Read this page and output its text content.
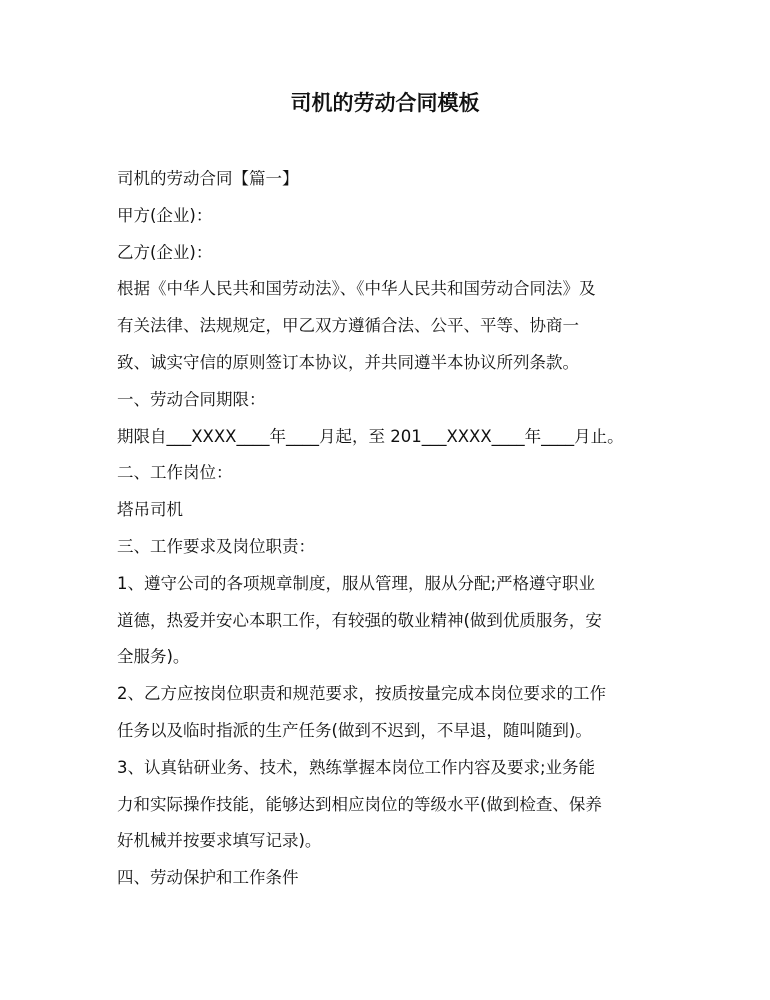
司机的劳动合同模板
司机的劳动合同【篇一】
甲方(企业)：
乙方(企业)：
根据《中华人民共和国劳动法》、《中华人民共和国劳动合同法》及
有关法律、法规规定，甲乙双方遵循合法、公平、平等、协商一
致、诚实守信的原则签订本协议，并共同遵半本协议所列条款。
一、劳动合同期限：
期限自___XXXX____年____月起，至 201___XXXX____年____月止。
二、工作岗位：
塔吊司机
三、工作要求及岗位职责：
1、遵守公司的各项规章制度，服从管理，服从分配;严格遵守职业
道德，热爱并安心本职工作，有较强的敬业精神(做到优质服务，安
全服务)。
2、乙方应按岗位职责和规范要求，按质按量完成本岗位要求的工作
任务以及临时指派的生产任务(做到不迟到，不早退，随叫随到)。
3、认真钻研业务、技术，熟练掌握本岗位工作内容及要求;业务能
力和实际操作技能，能够达到相应岗位的等级水平(做到检查、保养
好机械并按要求填写记录)。
四、劳动保护和工作条件
